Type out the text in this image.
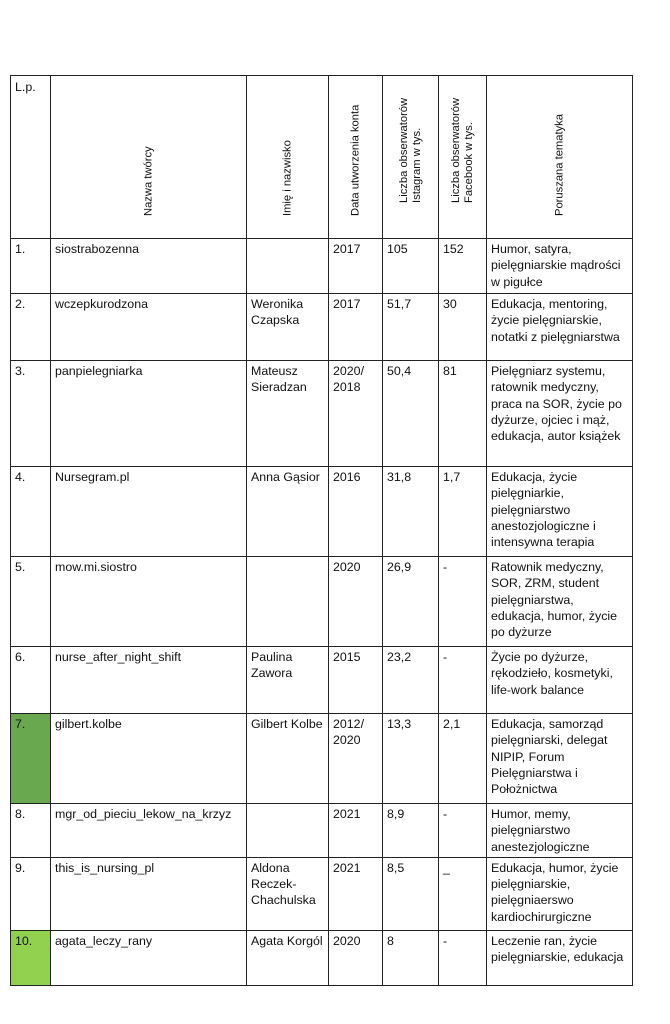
L.p.	Nazwa twórcy	Imię i nazwisko	Data utworzenia konta	Liczba obserwatorów Istagram w tys.	Liczba obserwatorów Facebook w tys.	Poruszana tematyka

1.	siostrabozenna		2017	105	152	Humor, satyra, pielęgniarskie mądrości w pigułce
2.	wczepkurodzona	Weronika Czapska	2017	51,7	30	Edukacja, mentoring, życie pielęgniarskie, notatki z pielęgniarstwa
3.	panpielegniarka	Mateusz Sieradzan	2020/ 2018	50,4	81	Pielęgniarz systemu, ratownik medyczny, praca na SOR, życie po dyżurze, ojciec i mąż, edukacja, autor książek
4.	Nursegram.pl	Anna Gąsior	2016	31,8	1,7	Edukacja, życie pielęgniarkie, pielęgniarstwo anestozjologiczne i intensywna terapia
5.	mow.mi.siostro		2020	26,9	-	Ratownik medyczny, SOR, ZRM, student pielęgniarstwa, edukacja, humor, życie po dyżurze
6.	nurse_after_night_shift	Paulina Zawora	2015	23,2	-	Życie po dyżurze, rękodzieło, kosmetyki, life-work balance
7.	gilbert.kolbe	Gilbert Kolbe	2012/ 2020	13,3	2,1	Edukacja, samorząd pielęgniarski, delegat NIPIP, Forum Pielęgniarstwa i Położnictwa
8.	mgr_od_pieciu_lekow_na_krzyz		2021	8,9	-	Humor, memy, pielęgniarstwo anestezjologiczne
9.	this_is_nursing_pl	Aldona Reczek-Chachulska	2021	8,5	_	Edukacja, humor, życie pielęgniarskie, pielęgniaerswo kardiochirurgiczne
10.	agata_leczy_rany	Agata Korgól	2020	8	-	Leczenie ran, życie pielęgniarskie, edukacja
